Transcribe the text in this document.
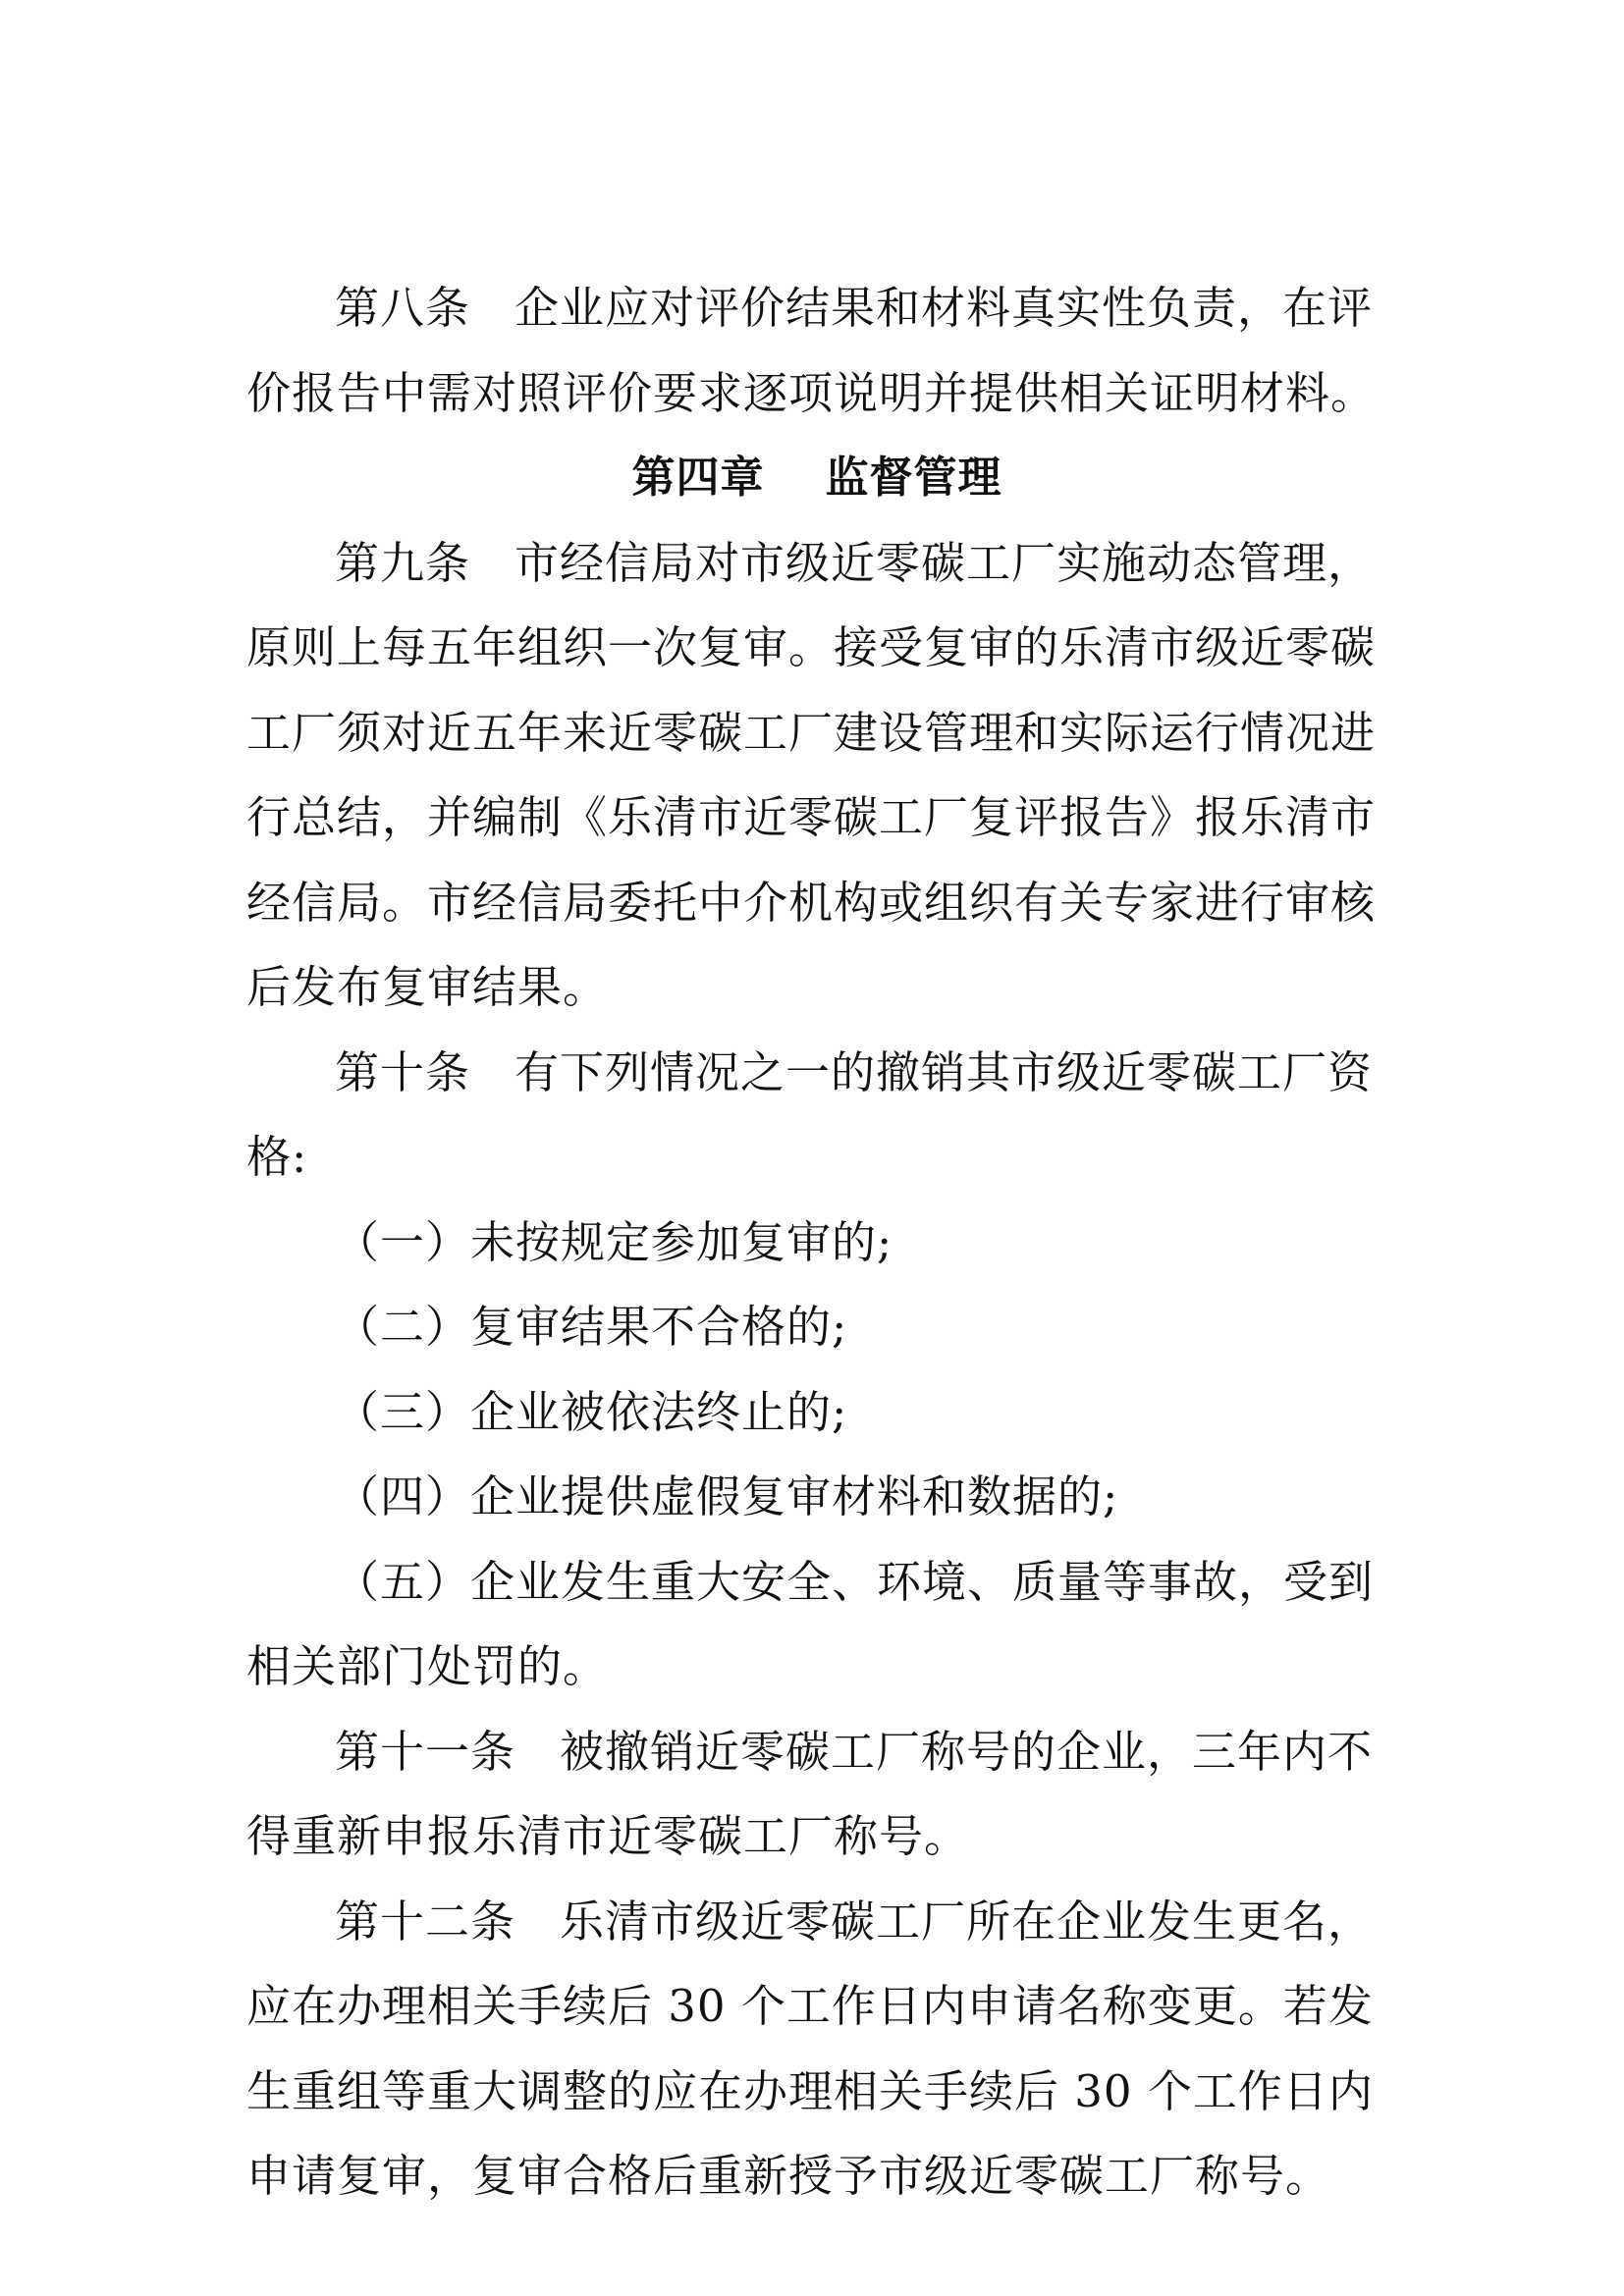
第八条 企业应对评价结果和材料真实性负责，在评价报告中需对照评价要求逐项说明并提供相关证明材料。

第四章 监督管理

第九条 市经信局对市级近零碳工厂实施动态管理，原则上每五年组织一次复审。接受复审的乐清市级近零碳工厂须对近五年来近零碳工厂建设管理和实际运行情况进行总结，并编制《乐清市近零碳工厂复评报告》报乐清市经信局。市经信局委托中介机构或组织有关专家进行审核后发布复审结果。

第十条 有下列情况之一的撤销其市级近零碳工厂资格:

（一）未按规定参加复审的;

（二）复审结果不合格的;

（三）企业被依法终止的;

（四）企业提供虚假复审材料和数据的;

（五）企业发生重大安全、环境、质量等事故，受到相关部门处罚的。

第十一条 被撤销近零碳工厂称号的企业，三年内不得重新申报乐清市近零碳工厂称号。

第十二条 乐清市级近零碳工厂所在企业发生更名，应在办理相关手续后 30 个工作日内申请名称变更。若发生重组等重大调整的应在办理相关手续后 30 个工作日内申请复审，复审合格后重新授予市级近零碳工厂称号。
